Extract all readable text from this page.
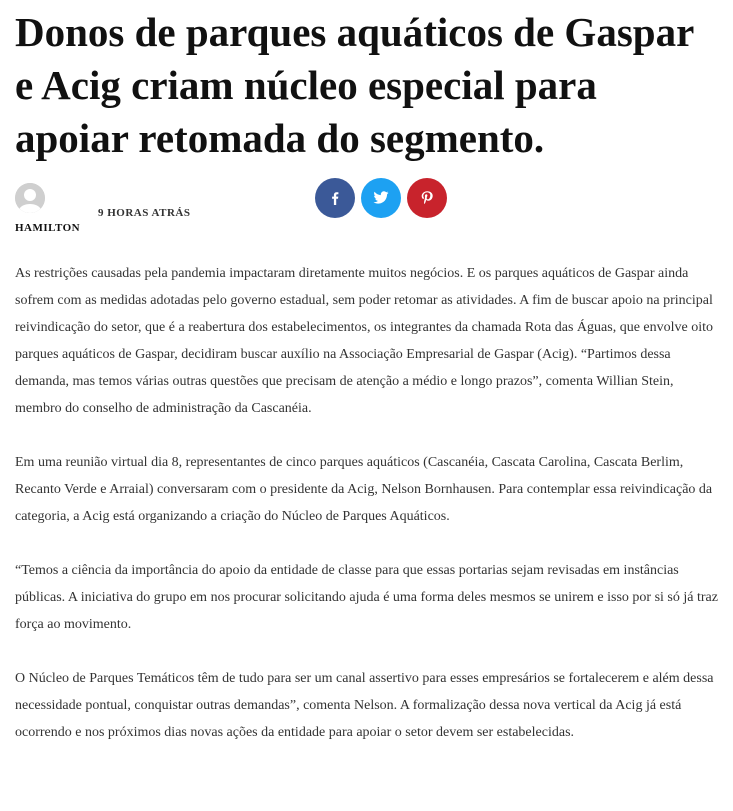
Donos de parques aquáticos de Gaspar e Acig criam núcleo especial para apoiar retomada do segmento.
HAMILTON
9 HORAS ATRÁS

As restrições causadas pela pandemia impactaram diretamente muitos negócios. E os parques aquáticos de Gaspar ainda sofrem com as medidas adotadas pelo governo estadual, sem poder retomar as atividades. A fim de buscar apoio na principal reivindicação do setor, que é a reabertura dos estabelecimentos, os integrantes da chamada Rota das Águas, que envolve oito parques aquáticos de Gaspar, decidiram buscar auxílio na Associação Empresarial de Gaspar (Acig). “Partimos dessa demanda, mas temos várias outras questões que precisam de atenção a médio e longo prazos”, comenta Willian Stein, membro do conselho de administração da Cascanéia.

Em uma reunião virtual dia 8, representantes de cinco parques aquáticos (Cascanéia, Cascata Carolina, Cascata Berlim, Recanto Verde e Arraial) conversaram com o presidente da Acig, Nelson Bornhausen. Para contemplar essa reivindicação da categoria, a Acig está organizando a criação do Núcleo de Parques Aquáticos.

“Temos a ciência da importância do apoio da entidade de classe para que essas portarias sejam revisadas em instâncias públicas. A iniciativa do grupo em nos procurar solicitando ajuda é uma forma deles mesmos se unirem e isso por si só já traz força ao movimento.

O Núcleo de Parques Temáticos têm de tudo para ser um canal assertivo para esses empresários se fortalecerem e além dessa necessidade pontual, conquistar outras demandas”, comenta Nelson. A formalização dessa nova vertical da Acig já está ocorrendo e nos próximos dias novas ações da entidade para apoiar o setor devem ser estabelecidas.
